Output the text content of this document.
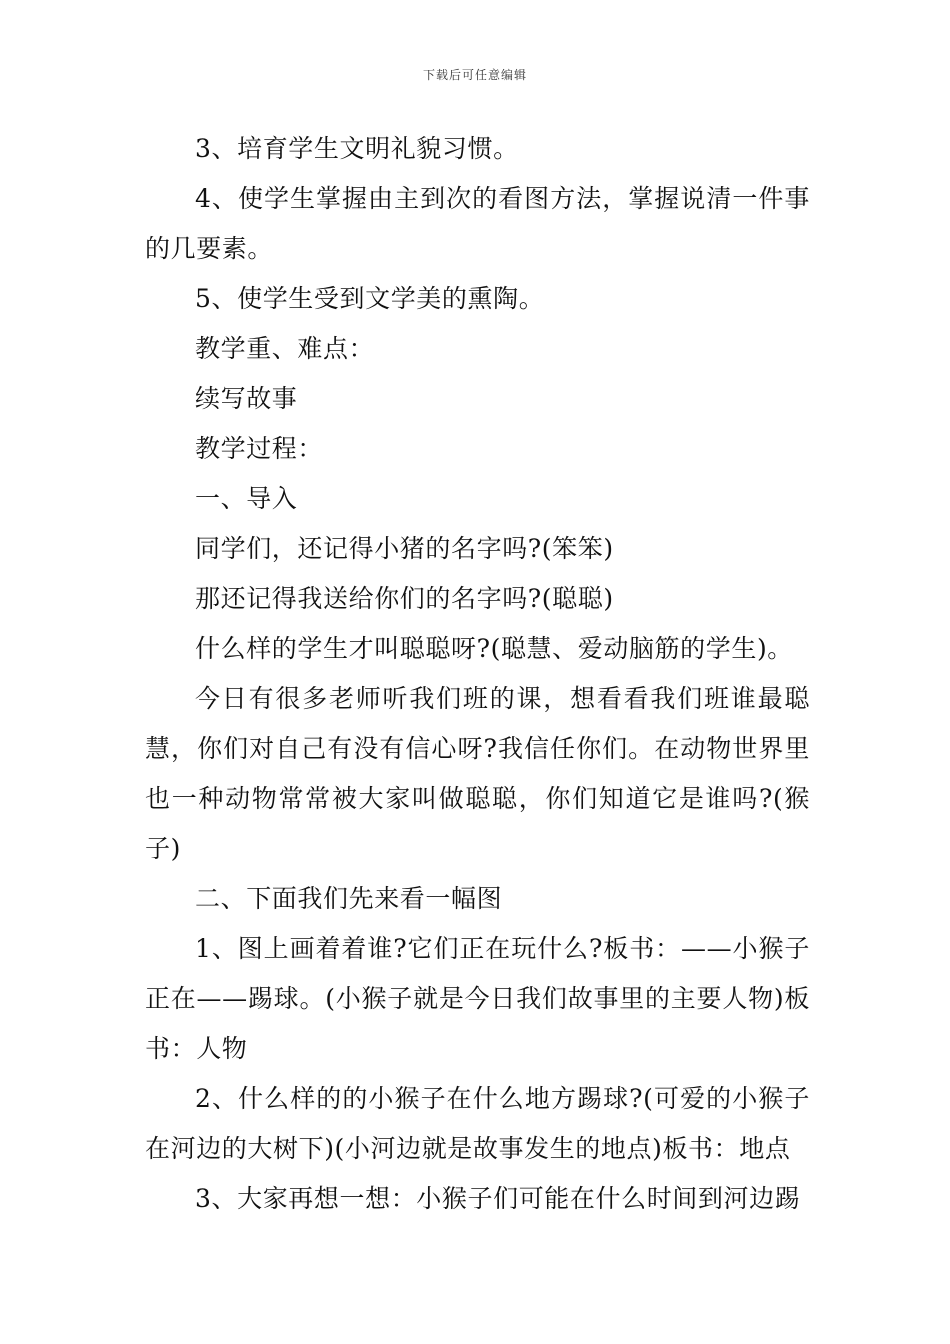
下载后可任意编辑

3、培育学生文明礼貌习惯。

4、使学生掌握由主到次的看图方法，掌握说清一件事的几要素。

5、使学生受到文学美的熏陶。

教学重、难点：

续写故事

教学过程：

一、导入

同学们，还记得小猪的名字吗?(笨笨)

那还记得我送给你们的名字吗?(聪聪)

什么样的学生才叫聪聪呀?(聪慧、爱动脑筋的学生)。

今日有很多老师听我们班的课，想看看我们班谁最聪慧，你们对自己有没有信心呀?我信任你们。在动物世界里也一种动物常常被大家叫做聪聪，你们知道它是谁吗?(猴子)

二、下面我们先来看一幅图

1、图上画着着谁?它们正在玩什么?板书：——小猴子正在——踢球。(小猴子就是今日我们故事里的主要人物)板书：人物

2、什么样的的小猴子在什么地方踢球?(可爱的小猴子在河边的大树下)(小河边就是故事发生的地点)板书：地点

3、大家再想一想：小猴子们可能在什么时间到河边踢
